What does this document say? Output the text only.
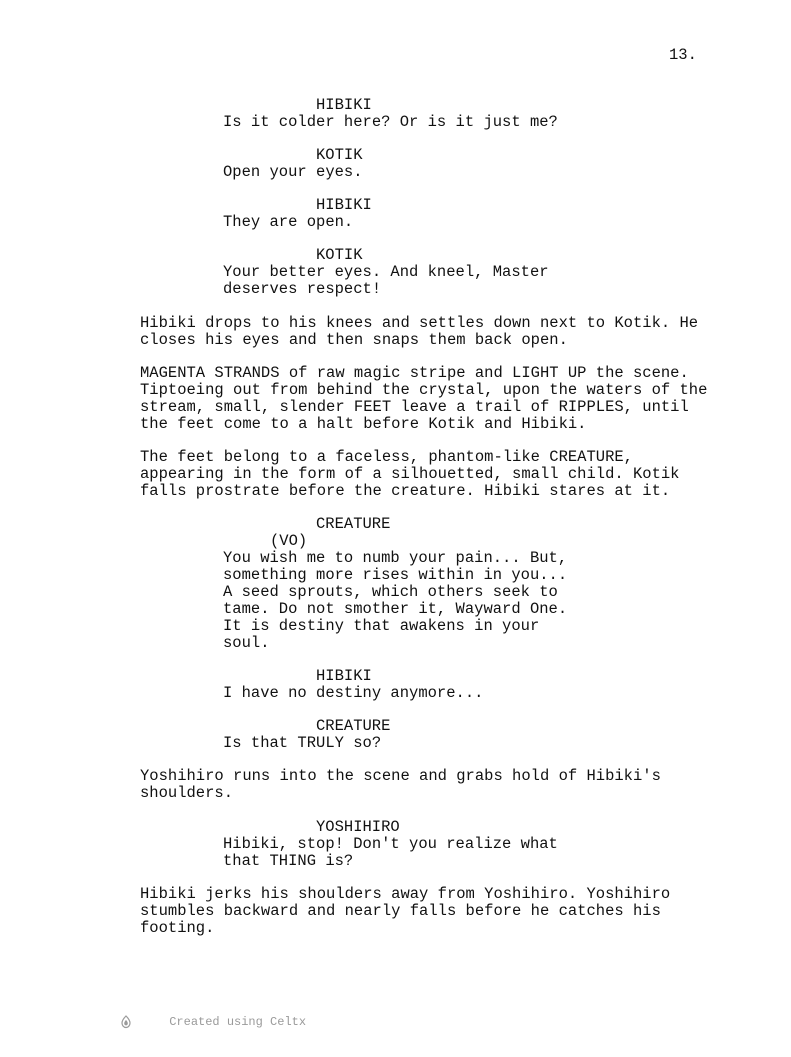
13.
HIBIKI
Is it colder here? Or is it just me?
KOTIK
Open your eyes.
HIBIKI
They are open.
KOTIK
Your better eyes. And kneel, Master
deserves respect!
Hibiki drops to his knees and settles down next to Kotik. He
closes his eyes and then snaps them back open.
MAGENTA STRANDS of raw magic stripe and LIGHT UP the scene.
Tiptoeing out from behind the crystal, upon the waters of the
stream, small, slender FEET leave a trail of RIPPLES, until
the feet come to a halt before Kotik and Hibiki.
The feet belong to a faceless, phantom-like CREATURE,
appearing in the form of a silhouetted, small child. Kotik
falls prostrate before the creature. Hibiki stares at it.
CREATURE
(VO)
You wish me to numb your pain... But,
something more rises within in you...
A seed sprouts, which others seek to
tame. Do not smother it, Wayward One.
It is destiny that awakens in your
soul.
HIBIKI
I have no destiny anymore...
CREATURE
Is that TRULY so?
Yoshihiro runs into the scene and grabs hold of Hibiki's
shoulders.
YOSHIHIRO
Hibiki, stop! Don't you realize what
that THING is?
Hibiki jerks his shoulders away from Yoshihiro. Yoshihiro
stumbles backward and nearly falls before he catches his
footing.

Created using Celtx
